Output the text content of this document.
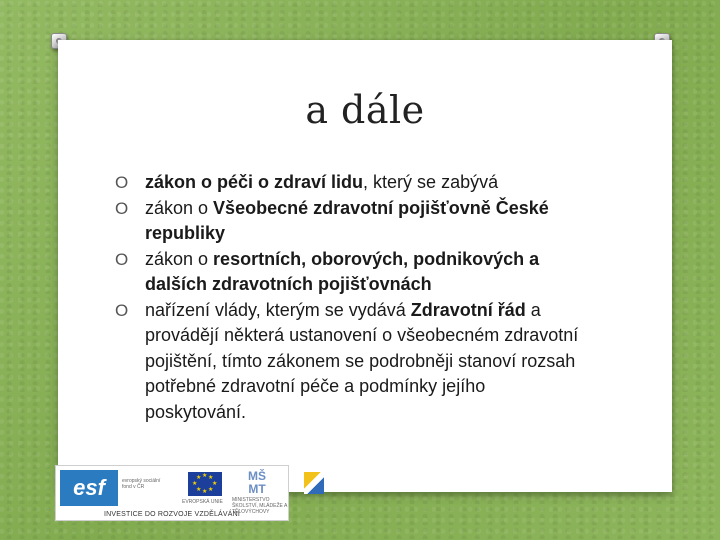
a dále
O zákon o péči o zdraví lidu, který se zabývá
O zákon o Všeobecné zdravotní pojišťovně České republiky
O zákon o resortních, oborových, podnikových a dalších zdravotních pojišťovnách
O nařízení vlády, kterým se vydává Zdravotní řád a provádějí některá ustanovení o všeobecném zdravotní pojištění, tímto zákonem se podrobněji stanoví rozsah potřebné zdravotní péče a podmínky jejího poskytování.
esf	evropský sociální fond v ČR
★ ★
★
★
★
★
★
★
EVROPSKÁ UNIE
MŠ MT
MINISTERSTVO ŠKOLSTVÍ, MLÁDEŽE A TĚLOVÝCHOVY
INVESTICE DO ROZVOJE VZDĚLÁVÁNÍ
